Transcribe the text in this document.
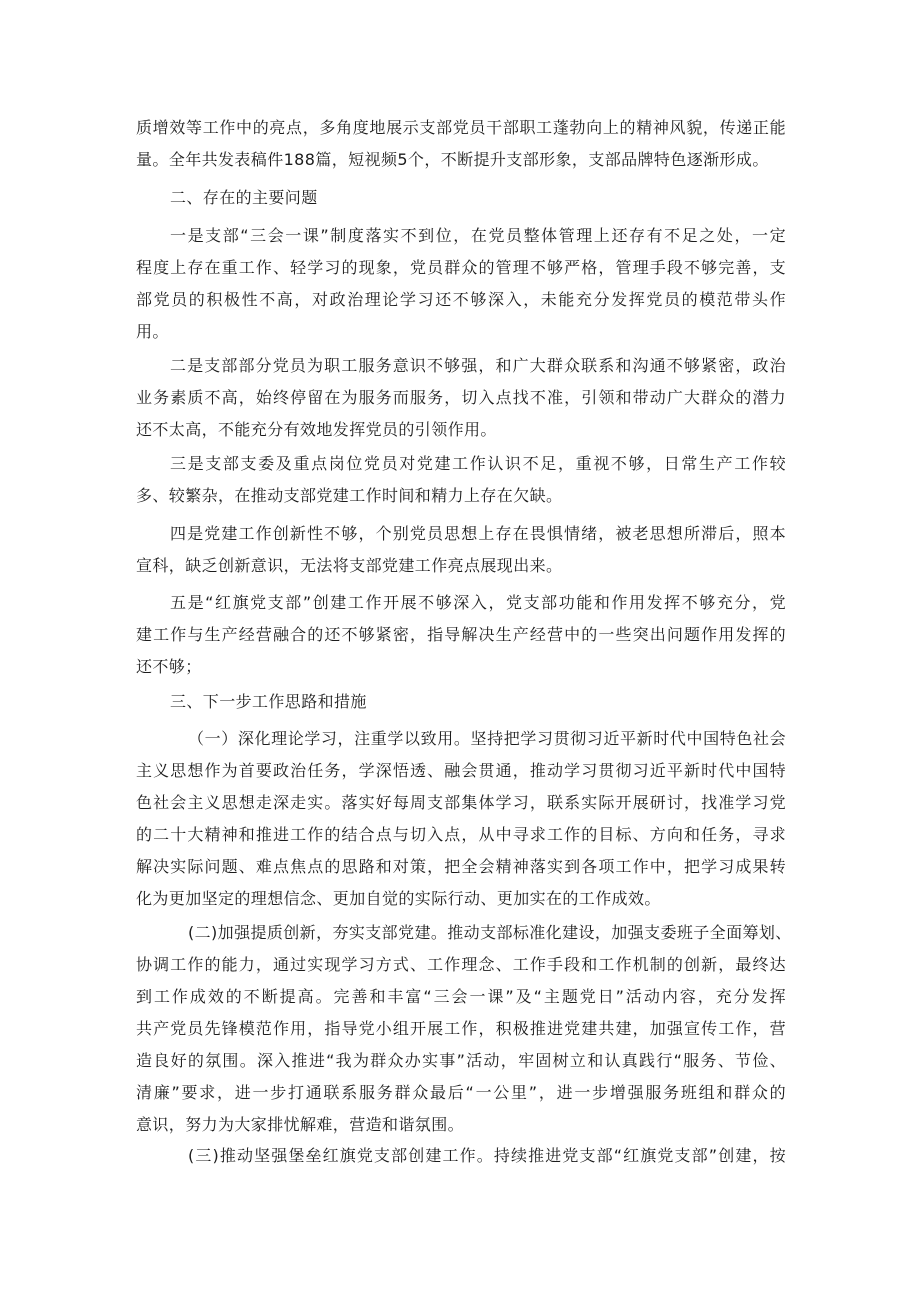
质增效等工作中的亮点，多角度地展示支部党员干部职工蓬勃向上的精神风貌，传递正能
量。全年共发表稿件188篇，短视频5个，不断提升支部形象，支部品牌特色逐渐形成。
二、存在的主要问题
一是支部“三会一课”制度落实不到位，在党员整体管理上还存有不足之处，一定
程度上存在重工作、轻学习的现象，党员群众的管理不够严格，管理手段不够完善，支
部党员的积极性不高，对政治理论学习还不够深入，未能充分发挥党员的模范带头作
用。
二是支部部分党员为职工服务意识不够强，和广大群众联系和沟通不够紧密，政治
业务素质不高，始终停留在为服务而服务，切入点找不准，引领和带动广大群众的潜力
还不太高，不能充分有效地发挥党员的引领作用。
三是支部支委及重点岗位党员对党建工作认识不足，重视不够，日常生产工作较
多、较繁杂，在推动支部党建工作时间和精力上存在欠缺。
四是党建工作创新性不够，个别党员思想上存在畏惧情绪，被老思想所滞后，照本
宣科，缺乏创新意识，无法将支部党建工作亮点展现出来。
五是“红旗党支部”创建工作开展不够深入，党支部功能和作用发挥不够充分，党
建工作与生产经营融合的还不够紧密，指导解决生产经营中的一些突出问题作用发挥的
还不够；
三、下一步工作思路和措施
（一）深化理论学习，注重学以致用。坚持把学习贯彻习近平新时代中国特色社会
主义思想作为首要政治任务，学深悟透、融会贯通，推动学习贯彻习近平新时代中国特
色社会主义思想走深走实。落实好每周支部集体学习，联系实际开展研讨，找准学习党
的二十大精神和推进工作的结合点与切入点，从中寻求工作的目标、方向和任务，寻求
解决实际问题、难点焦点的思路和对策，把全会精神落实到各项工作中，把学习成果转
化为更加坚定的理想信念、更加自觉的实际行动、更加实在的工作成效。
(二)加强提质创新，夯实支部党建。推动支部标准化建设，加强支委班子全面筹划、
协调工作的能力，通过实现学习方式、工作理念、工作手段和工作机制的创新，最终达
到工作成效的不断提高。完善和丰富“三会一课”及“主题党日”活动内容，充分发挥
共产党员先锋模范作用，指导党小组开展工作，积极推进党建共建，加强宣传工作，营
造良好的氛围。深入推进“我为群众办实事”活动，牢固树立和认真践行“服务、节俭、
清廉”要求，进一步打通联系服务群众最后“一公里”，进一步增强服务班组和群众的
意识，努力为大家排忧解难，营造和谐氛围。
(三)推动坚强堡垒红旗党支部创建工作。持续推进党支部“红旗党支部”创建，按
